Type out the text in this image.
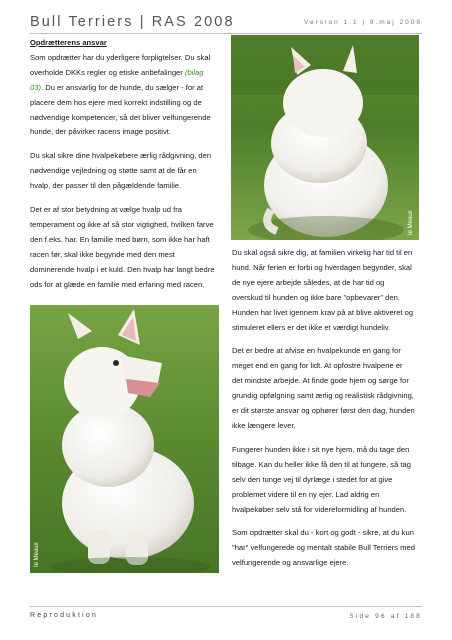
Bull Terriers | RAS 2008	Version 1.1 | 9.maj 2008

Opdrætterens ansvar
Som opdrætter har du yderligere forpligtelser. Du skal overholde DKKs regler og etiske anbefalinger (bilag 03). Du er ansvarlig for de hunde, du sælger - for at placere dem hos ejere med korrekt indstilling og de nødvendige kompetencer, så det bliver velfungerende hunde, der påvirker racens image positivt.

Du skal sikre dine hvalpekøbere ærlig rådgivning, den nødvendige vejledning og støtte samt at de får en hvalp, der passer til den pågældende familie.

Det er af stor betydning at vælge hvalp ud fra temperament og ikke af så stor vigtighed, hvilken farve den f.eks. har. En familie med børn, som ikke har haft racen før, skal ikke begynde med den mest dominerende hvalp i et kuld. Den hvalp har langt bedre ods for at glæde en familie med erfaring med racen.

Ie Meaux
Ie Meaux

Du skal også sikre dig, at familien virkelig har tid til en hund. Når ferien er forbi og hverdagen begynder, skal de nye ejere arbejde således, at de har tid og overskud til hunden og ikke bare "opbevarer" den. Hunden har livet igennem krav på at blive aktiveret og stimuleret ellers er det ikke et værdigt hundeliv.

Det er bedre at afvise en hvalpekunde en gang for meget end en gang for lidt. At opfostre hvalpene er det mindste arbejde. At finde gode hjem og sørge for grundig opfølgning samt ærlig og realistisk rådgivning, er dit største ansvar og ophører først den dag, hunden ikke længere lever.

Fungerer hunden ikke i sit nye hjem, må du tage den tilbage. Kan du heller ikke få den til at fungere, så tag selv den tunge vej til dyrlæge i stedet for at give problemet videre til en ny ejer. Lad aldrig en hvalpekøber selv stå for videreformidling af hunden.

Som opdrætter skal du - kort og godt - sikre, at du kun "har" velfungerede og mentalt stabile Bull Terriers med velfungerende og ansvarlige ejere.

Reproduktion	Side 96 af 188
